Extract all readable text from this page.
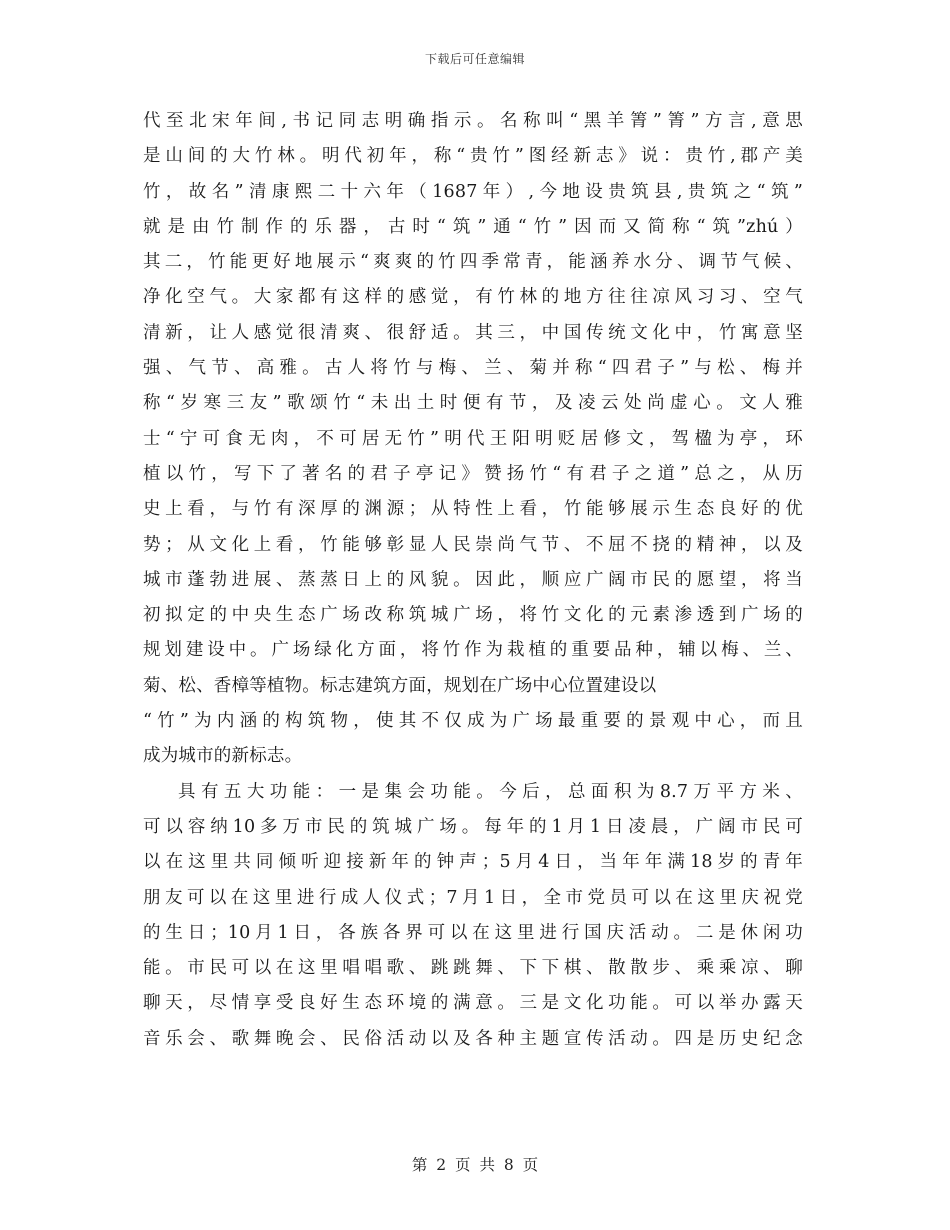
下载后可任意编辑
代至北宋年间,书记同志明确指示。名称叫“黑羊箐”箐”方言,意思
是山间的大竹林。明代初年，称“贵竹”图经新志》说：贵竹,郡产美
竹，故名”清康熙二十六年（1687年）,今地设贵筑县,贵筑之“筑”
就是由竹制作的乐器，古时“筑”通“竹”因而又简称“筑”zhú）
其二，竹能更好地展示“爽爽的竹四季常青，能涵养水分、调节气候、
净化空气。大家都有这样的感觉，有竹林的地方往往凉风习习、空气
清新，让人感觉很清爽、很舒适。其三，中国传统文化中，竹寓意坚
强、气节、高雅。古人将竹与梅、兰、菊并称“四君子”与松、梅并
称“岁寒三友”歌颂竹“未出土时便有节，及凌云处尚虚心。文人雅
士“宁可食无肉，不可居无竹”明代王阳明贬居修文，驾楹为亭，环
植以竹，写下了著名的君子亭记》赞扬竹“有君子之道”总之，从历
史上看，与竹有深厚的渊源；从特性上看，竹能够展示生态良好的优
势；从文化上看，竹能够彰显人民崇尚气节、不屈不挠的精神，以及
城市蓬勃进展、蒸蒸日上的风貌。因此，顺应广阔市民的愿望，将当
初拟定的中央生态广场改称筑城广场，将竹文化的元素渗透到广场的
规划建设中。广场绿化方面，将竹作为栽植的重要品种，辅以梅、兰、
菊、松、香樟等植物。标志建筑方面，规划在广场中心位置建设以
“竹”为内涵的构筑物，使其不仅成为广场最重要的景观中心，而且
成为城市的新标志。
具有五大功能：一是集会功能。今后，总面积为8.7万平方米、
可以容纳10多万市民的筑城广场。每年的1月1日凌晨，广阔市民可
以在这里共同倾听迎接新年的钟声；5月4日，当年年满18岁的青年
朋友可以在这里进行成人仪式；7月1日，全市党员可以在这里庆祝党
的生日；10月1日，各族各界可以在这里进行国庆活动。二是休闲功
能。市民可以在这里唱唱歌、跳跳舞、下下棋、散散步、乘乘凉、聊
聊天，尽情享受良好生态环境的满意。三是文化功能。可以举办露天
音乐会、歌舞晚会、民俗活动以及各种主题宣传活动。四是历史纪念
第 2 页 共 8 页
